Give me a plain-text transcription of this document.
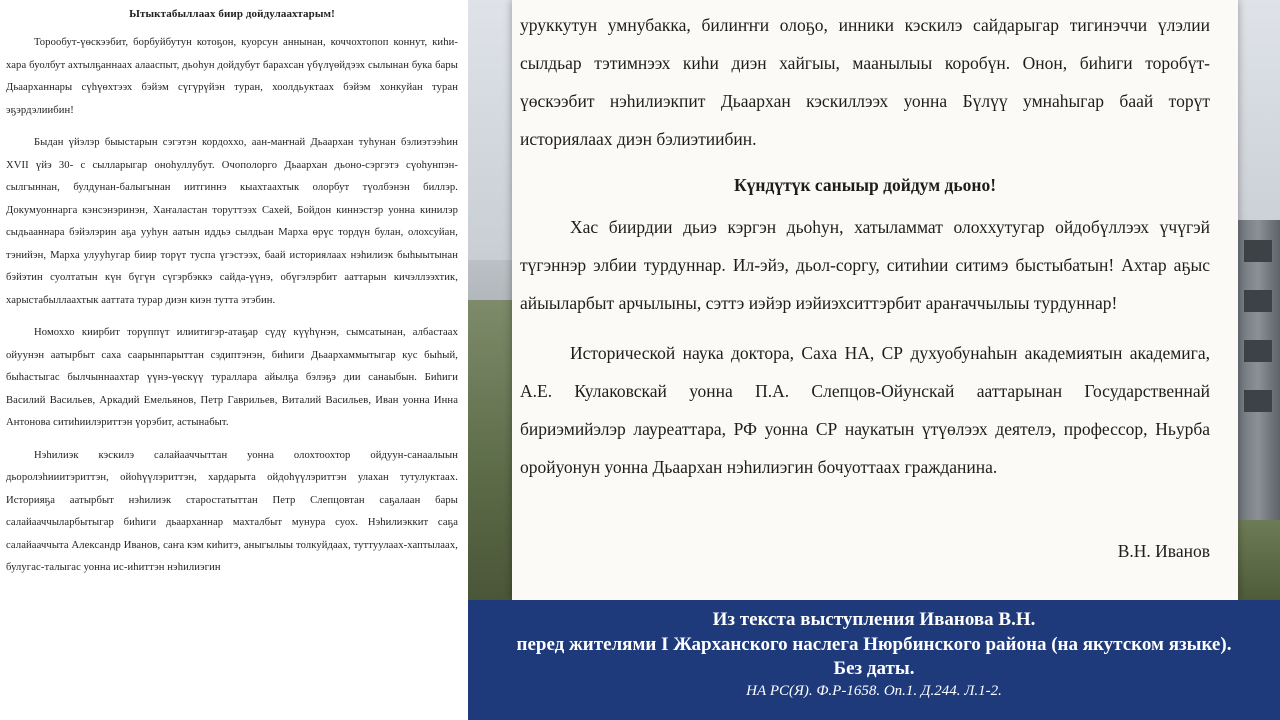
Ытыктабыллаах биир дойдулаахтарым!

Торообут-үөскээбит, борбуйбутун котоҕон, куорсун аннынан, коччохтопоп коннут, киһи-хара буолбут ахтылҕаннаах алааспыт, дьоһун дойдубут барахсан үбүлүөйдээх сылынан бука бары Дьаарханнары сүһүөхтээх бэйэм сүгүрүйэн туран, хоолдьуктаах бэйэм хонкуйан туран эҕэрдэлиибин!

Быдан үйэлэр быыстарын сэгэтэн кордоххо, аан-маҥнай Дьаархан туһунан бэлиэтээһин XVII үйэ 30- с сылларыгар оноһуллубут. Очополорго Дьаархан дьоно-сэргэтэ сүоһунпэн-сылгыннан, булдунан-балыгынан иитгиннэ кыахтаахтык олорбут түолбэнэн биллэр. Докумуоннарга кэнсэнэринэн, Хаҥаластан торуттээх Сахей, Бойдон киннэстэр уонна кинилэр сыдьааннара бэйэлэрин аҕа ууһун аатын иддьэ сылдьан Марха өрүс тордүн булан, олохсуйан, тэнийэн, Марха улууһугар биир торүт туспа үгэстээх, баай историялаах нэһилиэк быһыытынан бэйэтин суолтатын күн бүгүн сүгэрбэккэ сайда-үүнэ, обүгэлэрбит ааттарын кичэллээхтик, харыстабыллаахтык ааттата турар диэн киэн тутта этэбин.

Номоххо киирбит торүппүт илиитигэр-атаҕар сүдү күүһүнэн, сымсатынан, албастаах ойуунэн аатырбыт саха саарынпарыттан сэдиптэнэн, биһиги Дьаархаммытыгар кус быһый, быһастыгас былчыннаахтар үүнэ-үөскүү туралларa айылҕа бэлэҕэ дии санаыбын. Биһиги Василий Васильев, Аркадий Емельянов, Петр Гаврильев, Виталий Васильев, Иван уонна Инна Антонова ситиһиилэриттэн үорэбит, астынабыт.

Нэһилиэк кэскилэ салайааччыттан уонна олохтоохтор ойдуун-санаалыын дьоролэһииитэриттэн, ойоһүүлэриттэн, хардарыта ойдоһүүлэриттэн улахан тутулуктаах. Историяҕа аатырбыт нэһилиэк старостатыттан Петр Слепцовтан саҕалаан бары салайааччыларбытыгар биһиги дьаарханнар махталбыт мунура суох. Нэһилиэккит саҕа салайааччыта Александр Иванов, саҥа кэм киһитэ, аныгылыы толкуйдаах, туттуулаах-хаптылаах, булугас-талыгас уонна ис-иһиттэн нэһилиэгин

уруккутун умнубакка, билиҥҥи олоҕо, инники кэскилэ сайдарыгар тигинэччи үлэлии сылдьар тэтимнээх киһи диэн хайгыы, маанылыы коробүн. Онон, биһиги торобүт-үөскээбит нэһилиэкпит Дьаархан кэскиллээх уонна Бүлүү умнаһыгар баай торүт историялаах диэн бэлиэтиибин.

Күндүтүк саныыр дойдум дьоно!

Хас биирдии дьиэ кэргэн дьоһун, хатыламмат олоххутугар ойдобүллээх үчүгэй түгэннэр элбии турдуннар. Ил-эйэ, дьол-соргу, ситиһии ситимэ быстыбатын! Ахтар аҕыс айыыларбыт арчылыны, сэттэ иэйэр иэйиэхситтэрбит араҥаччылыы турдуннар!

Исторической наука доктора, Саха НА, СР духуобунаһын академиятын академига, А.Е. Кулаковскай уонна П.А. Слепцов-Ойунскай ааттарынан Государственнай бириэмийэлэр лауреаттара, РФ уонна СР наукатын үтүөлээх деятелэ, профессор, Ньурба оройуонун уонна Дьаархан нэһилиэгин бочуоттаах гражданина.

В.Н. Иванов
Из текста выступления Иванова В.Н.
перед жителями I Жарханского наслега Нюрбинского района (на якутском языке). Без даты.
НА РС(Я). Ф.Р-1658. Оп.1. Д.244. Л.1-2.
